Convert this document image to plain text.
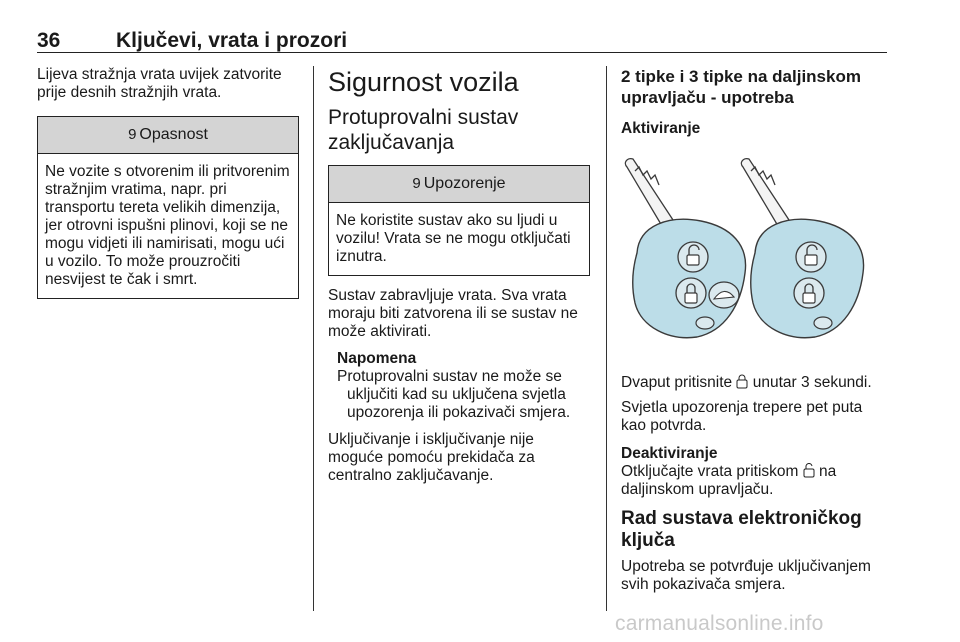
36	Ključevi, vrata i prozori

Lijeva stražnja vrata uvijek zatvorite prije desnih stražnjih vrata.

9 Opasnost
Ne vozite s otvorenim ili pritvorenim stražnjim vratima, napr. pri transportu tereta velikih dimenzija, jer otrovni ispušni plinovi, koji se ne mogu vidjeti ili namirisati, mogu ući u vozilo. To može prouzročiti nesvijest te čak i smrt.
Sigurnost vozila
Protuprovalni sustav zaključavanja
9 Upozorenje
Ne koristite sustav ako su ljudi u vozilu! Vrata se ne mogu otključati iznutra.

Sustav zabravljuje vrata. Sva vrata moraju biti zatvorena ili se sustav ne može aktivirati.

Napomena
Protuprovalni sustav ne može se uključiti kad su uključena svjetla upozorenja ili pokazivači smjera.

Uključivanje i isključivanje nije moguće pomoću prekidača za centralno zaključavanje.

2 tipke i 3 tipke na daljinskom upravljaču - upotreba
Aktiviranje

Dvaput pritisnite  unutar 3 sekundi.

Svjetla upozorenja trepere pet puta kao potvrda.

Deaktiviranje

Otključajte vrata pritiskom  na daljinskom upravljaču.

Rad sustava elektroničkog ključa

Upotreba se potvrđuje uključivanjem svih pokazivača smjera.

carmanualsonline.info
